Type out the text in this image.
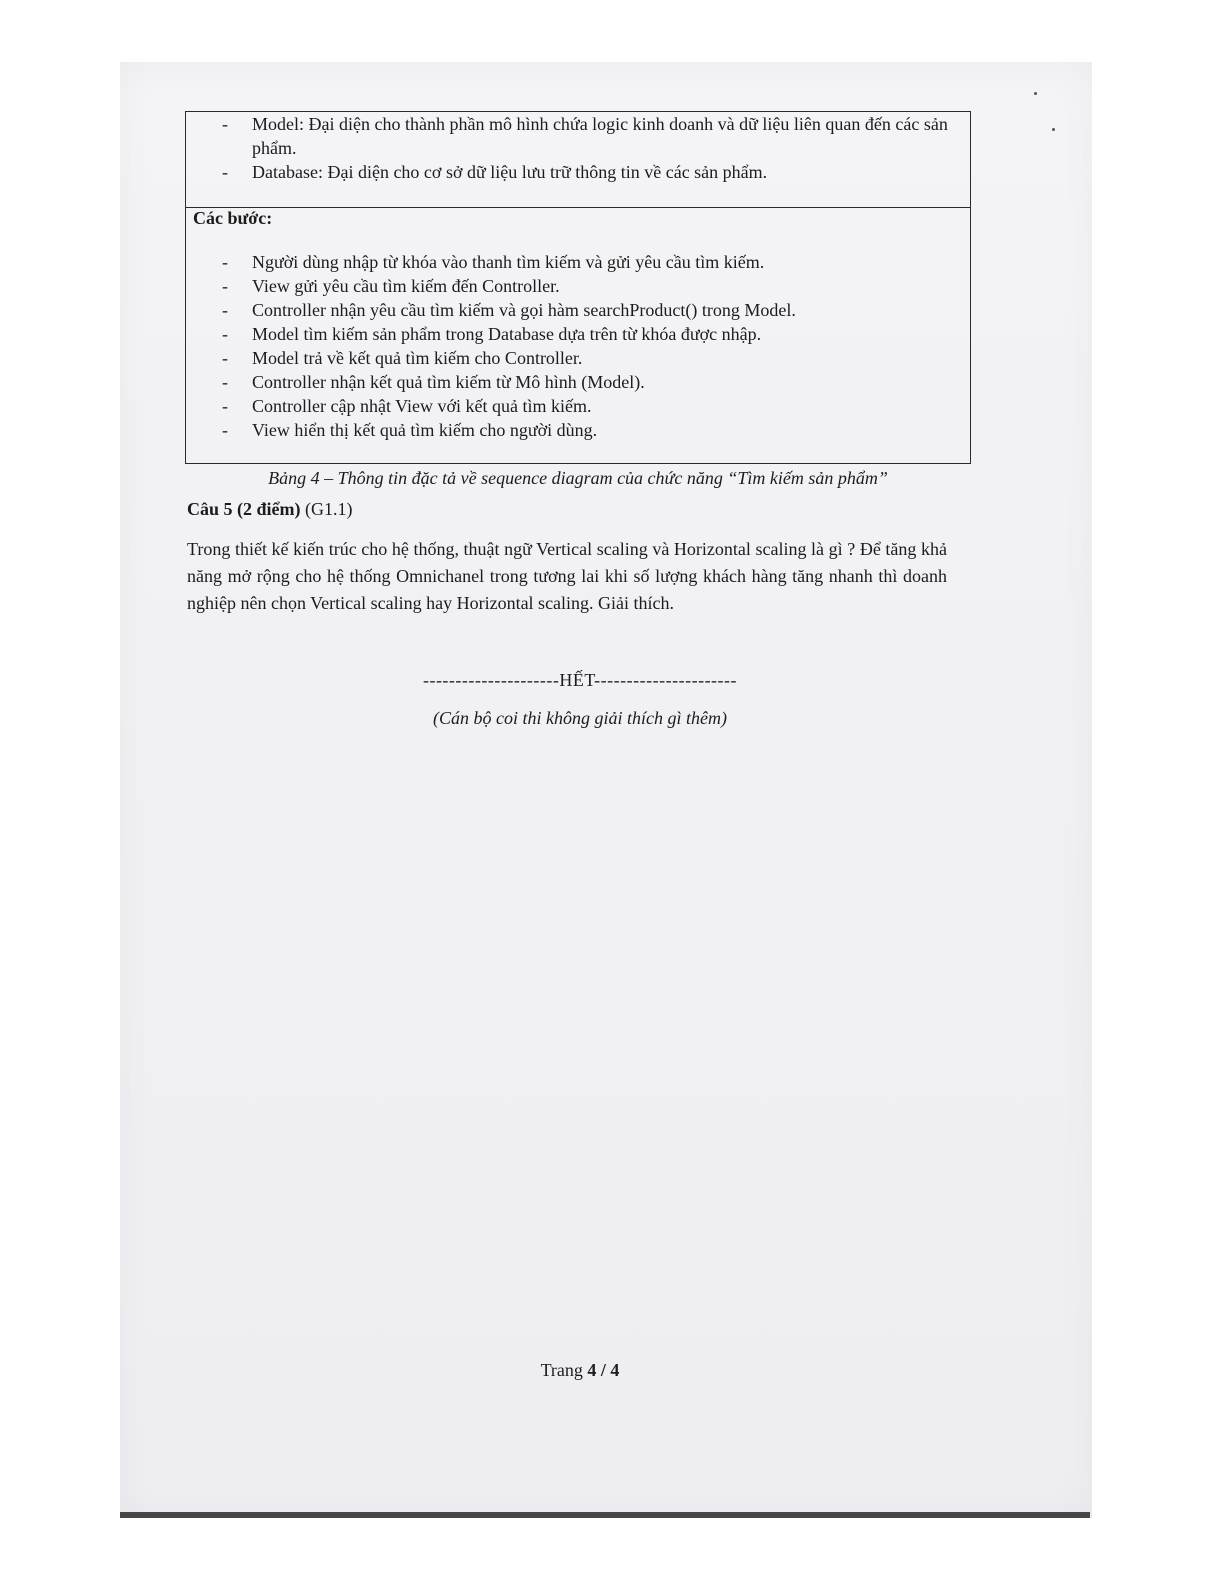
- Model: Đại diện cho thành phần mô hình chứa logic kinh doanh và dữ liệu liên quan đến các sản phẩm.
- Database: Đại diện cho cơ sở dữ liệu lưu trữ thông tin về các sản phẩm.
Các bước:
- Người dùng nhập từ khóa vào thanh tìm kiếm và gửi yêu cầu tìm kiếm.
- View gửi yêu cầu tìm kiếm đến Controller.
- Controller nhận yêu cầu tìm kiếm và gọi hàm searchProduct() trong Model.
- Model tìm kiếm sản phẩm trong Database dựa trên từ khóa được nhập.
- Model trả về kết quả tìm kiếm cho Controller.
- Controller nhận kết quả tìm kiếm từ Mô hình (Model).
- Controller cập nhật View với kết quả tìm kiếm.
- View hiển thị kết quả tìm kiếm cho người dùng.
Bảng 4 – Thông tin đặc tả về sequence diagram của chức năng “Tìm kiếm sản phẩm”
Câu 5 (2 điểm) (G1.1)
Trong thiết kế kiến trúc cho hệ thống, thuật ngữ Vertical scaling và Horizontal scaling là gì ? Để tăng khả năng mở rộng cho hệ thống Omnichanel trong tương lai khi số lượng khách hàng tăng nhanh thì doanh nghiệp nên chọn Vertical scaling hay Horizontal scaling. Giải thích.
---------------------HẾT----------------------
(Cán bộ coi thi không giải thích gì thêm)
Trang 4 / 4
